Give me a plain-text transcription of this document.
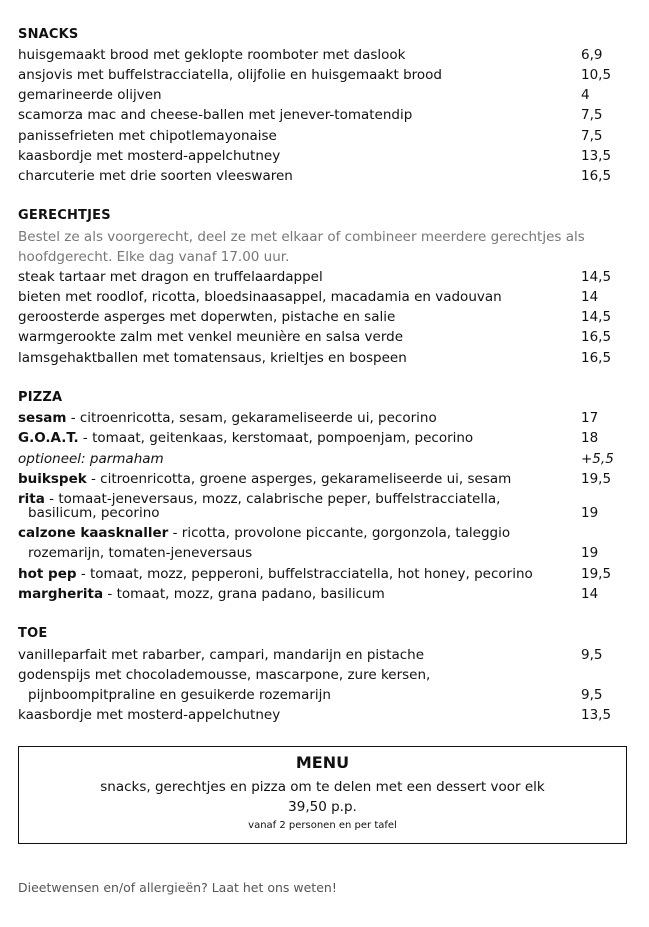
SNACKS
huisgemaakt brood met geklopte roomboter met daslook	6,9
ansjovis met buffelstracciatella, olijfolie en huisgemaakt brood	10,5
gemarineerde olijven	4
scamorza mac and cheese-ballen met jenever-tomatendip	7,5
panissefrieten met chipotlemayonaise	7,5
kaasbordje met mosterd-appelchutney	13,5
charcuterie met drie soorten vleeswaren	16,5
GERECHTJES
Bestel ze als voorgerecht, deel ze met elkaar of combineer meerdere gerechtjes als
hoofdgerecht. Elke dag vanaf 17.00 uur.
steak tartaar met dragon en truffelaardappel	14,5
bieten met roodlof, ricotta, bloedsinaasappel, macadamia en vadouvan	14
geroosterde asperges met doperwten, pistache en salie	14,5
warmgerookte zalm met venkel meunière en salsa verde	16,5
lamsgehaktballen met tomatensaus, krieltjes en bospeen	16,5
PIZZA
sesam - citroenricotta, sesam, gekarameliseerde ui, pecorino	17
G.O.A.T. - tomaat, geitenkaas, kerstomaat, pompoenjam, pecorino	18
optioneel: parmaham	+5,5
buikspek - citroenricotta, groene asperges, gekarameliseerde ui, sesam	19,5
rita - tomaat-jeneversaus, mozz, calabrische peper, buffelstracciatella,
basilicum, pecorino	19
calzone kaasknaller - ricotta, provolone piccante, gorgonzola, taleggio
rozemarijn, tomaten-jeneversaus	19
hot pep - tomaat, mozz, pepperoni, buffelstracciatella, hot honey, pecorino	19,5
margherita - tomaat, mozz, grana padano, basilicum	14
TOE
vanilleparfait met rabarber, campari, mandarijn en pistache	9,5
godenspijs met chocolademousse, mascarpone, zure kersen,
pijnboompitpraline en gesuikerde rozemarijn	9,5
kaasbordje met mosterd-appelchutney	13,5
MENU
snacks, gerechtjes en pizza om te delen met een dessert voor elk
39,50 p.p.
vanaf 2 personen en per tafel
Dieetwensen en/of allergieën? Laat het ons weten!
